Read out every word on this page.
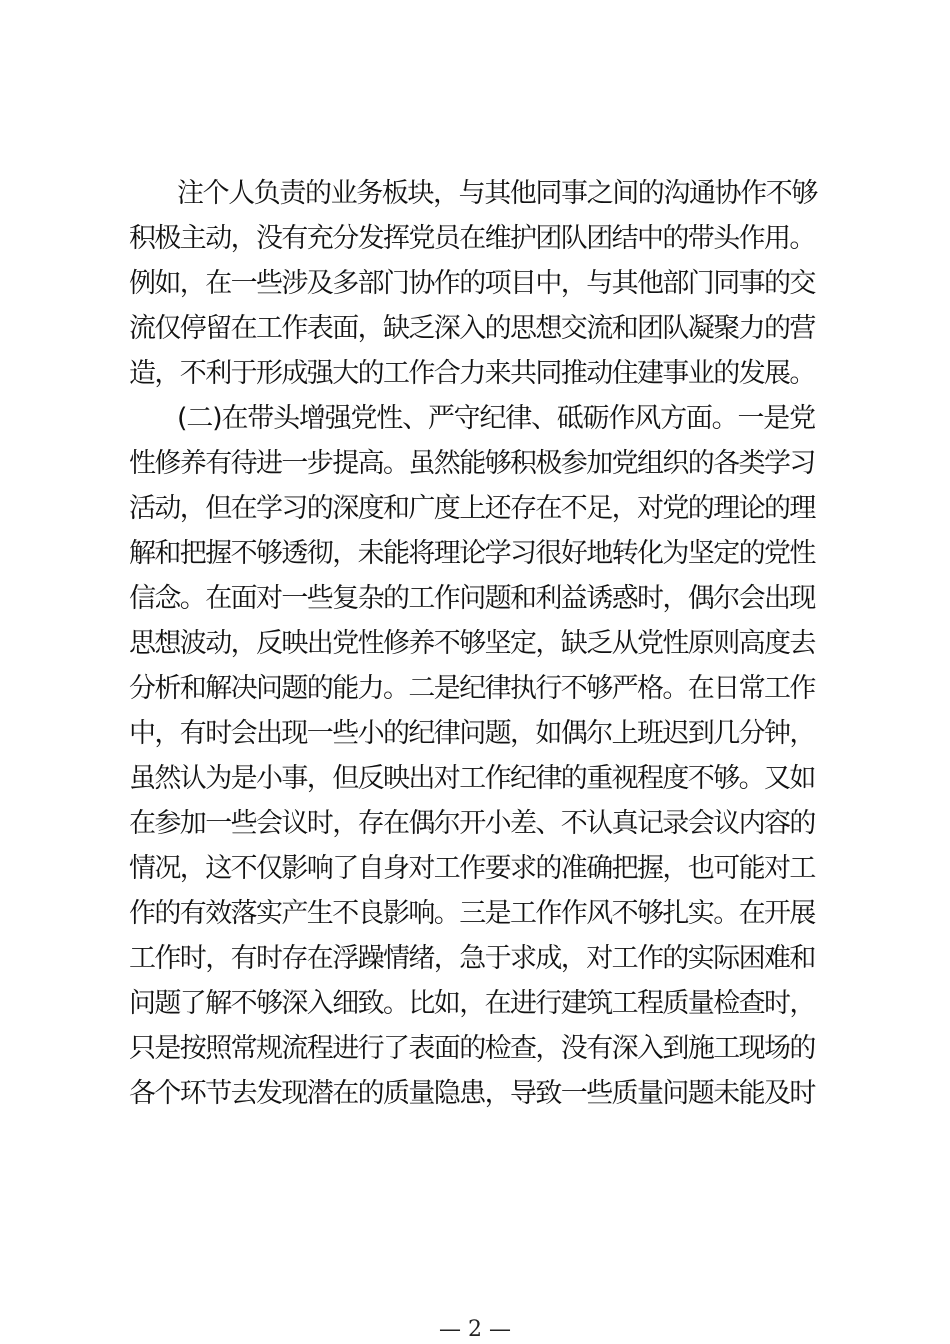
注个人负责的业务板块，与其他同事之间的沟通协作不够
积极主动，没有充分发挥党员在维护团队团结中的带头作用。
例如，在一些涉及多部门协作的项目中，与其他部门同事的交
流仅停留在工作表面，缺乏深入的思想交流和团队凝聚力的营
造，不利于形成强大的工作合力来共同推动住建事业的发展。
(二)在带头增强党性、严守纪律、砥砺作风方面。一是党
性修养有待进一步提高。虽然能够积极参加党组织的各类学习
活动，但在学习的深度和广度上还存在不足，对党的理论的理
解和把握不够透彻，未能将理论学习很好地转化为坚定的党性
信念。在面对一些复杂的工作问题和利益诱惑时，偶尔会出现
思想波动，反映出党性修养不够坚定，缺乏从党性原则高度去
分析和解决问题的能力。二是纪律执行不够严格。在日常工作
中，有时会出现一些小的纪律问题，如偶尔上班迟到几分钟，
虽然认为是小事，但反映出对工作纪律的重视程度不够。又如
在参加一些会议时，存在偶尔开小差、不认真记录会议内容的
情况，这不仅影响了自身对工作要求的准确把握，也可能对工
作的有效落实产生不良影响。三是工作作风不够扎实。在开展
工作时，有时存在浮躁情绪，急于求成，对工作的实际困难和
问题了解不够深入细致。比如，在进行建筑工程质量检查时，
只是按照常规流程进行了表面的检查，没有深入到施工现场的
各个环节去发现潜在的质量隐患，导致一些质量问题未能及时
— 2 —
